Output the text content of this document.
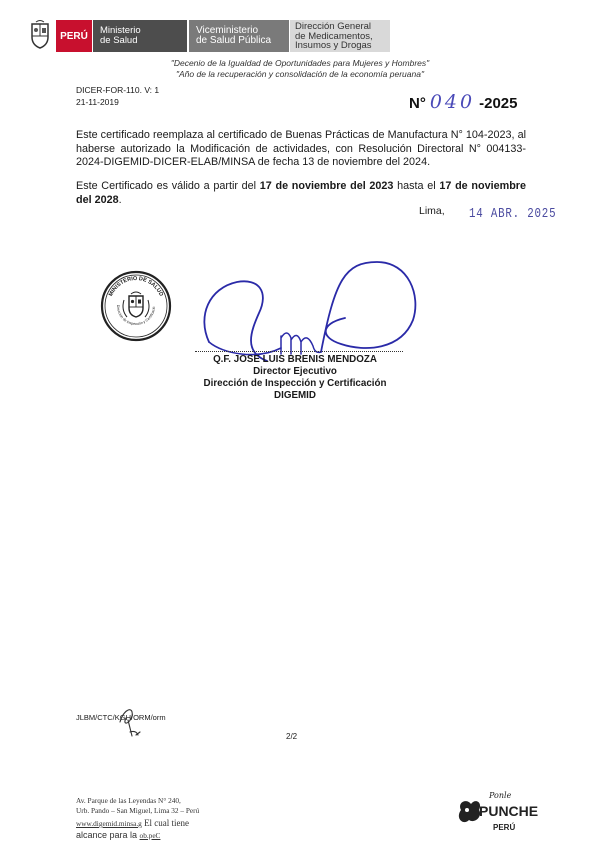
PERÚ Ministerio
de Salud
Viceministerio
de Salud Pública
Dirección General
de Medicamentos,
Insumos y Drogas
"Decenio de la Igualdad de Oportunidades para Mujeres y Hombres"
"Año de la recuperación y consolidación de la economía peruana"
DICER-FOR-110. V: 1
21-11-2019	N° 040 -2025
Este certificado reemplaza al certificado de Buenas Prácticas de Manufactura N° 104-2023, al haberse autorizado la Modificación de actividades, con Resolución Directoral N° 004133-2024-DIGEMID-DICER-ELAB/MINSA de fecha 13 de noviembre del 2024.
Este Certificado es válido a partir del 17 de noviembre del 2023 hasta el 17 de noviembre del 2028.
Lima, 14 ABR. 2025
MINISTERIO DE SALUD
Dirección de Inspección y Certificació
Q.F. JOSE LUIS BRENIS MENDOZA
Director Ejecutivo
Dirección de Inspección y Certificación
DIGEMID
JLBM/CTC/KGH/ORM/orm
2/2
Av. Parque de las Leyendas N° 240,
Urb. Pando – San Miguel, Lima 32 – Perú
www.digemid.minsa.g El cual tiene
alcance para la ob.peC
Ponle
PUNCHE
PERÚ
